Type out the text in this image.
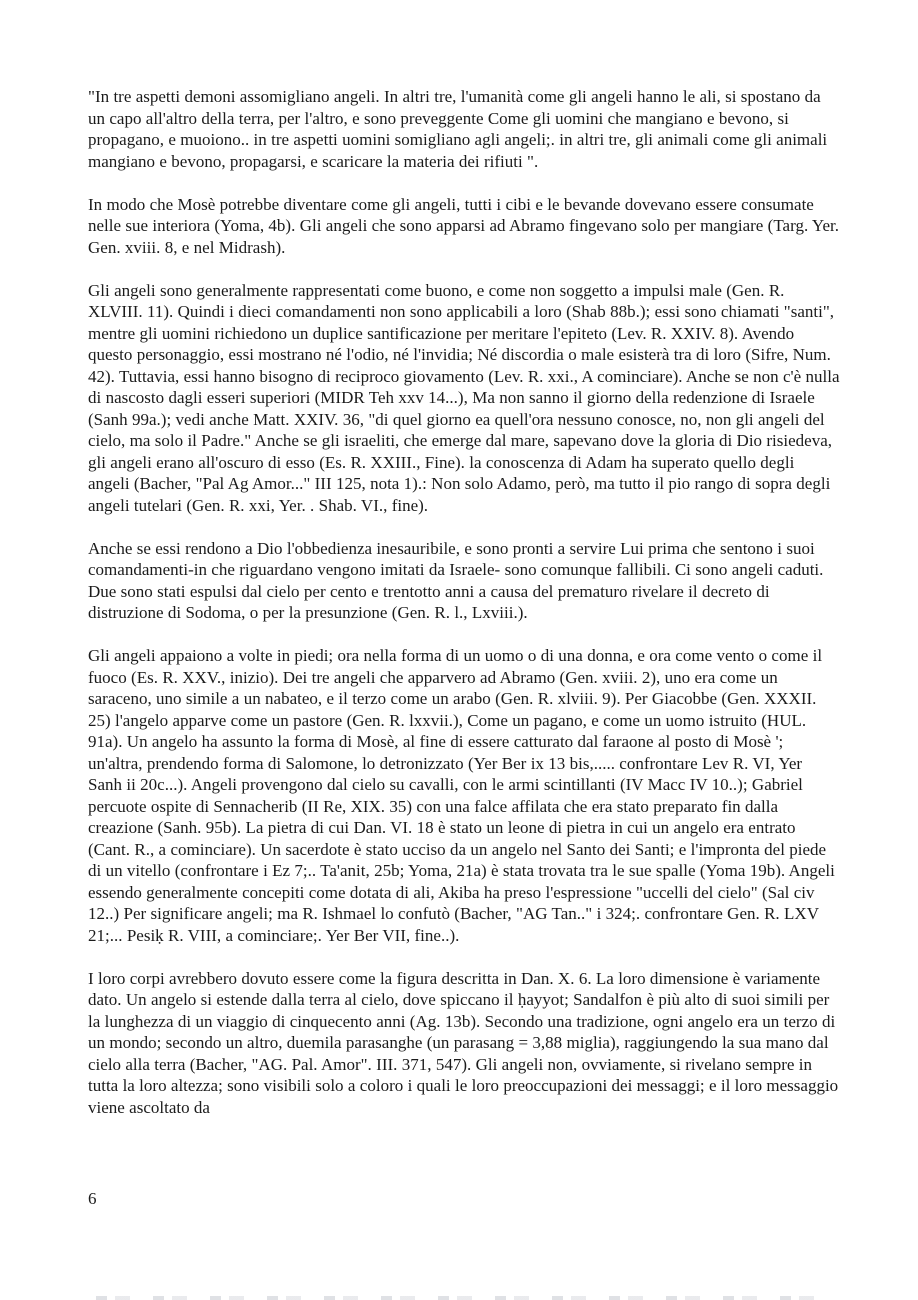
"In tre aspetti demoni assomigliano angeli. In altri tre, l'umanità come gli angeli hanno le ali, si spostano da un capo all'altro della terra, per l'altro, e sono preveggente Come gli uomini che mangiano e bevono, si propagano, e muoiono.. in tre aspetti uomini somigliano agli angeli;. in altri tre, gli animali come gli animali mangiano e bevono, propagarsi, e scaricare la materia dei rifiuti ".

In modo che Mosè potrebbe diventare come gli angeli, tutti i cibi e le bevande dovevano essere consumate nelle sue interiora (Yoma, 4b). Gli angeli che sono apparsi ad Abramo fingevano solo per mangiare (Targ. Yer. Gen. xviii. 8, e nel Midrash).

Gli angeli sono generalmente rappresentati come buono, e come non soggetto a impulsi male (Gen. R. XLVIII. 11). Quindi i dieci comandamenti non sono applicabili a loro (Shab 88b.); essi sono chiamati "santi", mentre gli uomini richiedono un duplice santificazione per meritare l'epiteto (Lev. R. XXIV. 8). Avendo questo personaggio, essi mostrano né l'odio, né l'invidia; Né discordia o male esisterà tra di loro (Sifre, Num. 42). Tuttavia, essi hanno bisogno di reciproco giovamento (Lev. R. xxi., A cominciare). Anche se non c'è nulla di nascosto dagli esseri superiori (MIDR Teh xxv 14...), Ma non sanno il giorno della redenzione di Israele (Sanh 99a.); vedi anche Matt. XXIV. 36, "di quel giorno ea quell'ora nessuno conosce, no, non gli angeli del cielo, ma solo il Padre." Anche se gli israeliti, che emerge dal mare, sapevano dove la gloria di Dio risiedeva, gli angeli erano all'oscuro di esso (Es. R. XXIII., Fine). la conoscenza di Adam ha superato quello degli angeli (Bacher, "Pal Ag Amor..." III 125, nota 1).: Non solo Adamo, però, ma tutto il pio rango di sopra degli angeli tutelari (Gen. R. xxi, Yer. . Shab. VI., fine).

Anche se essi rendono a Dio l'obbedienza inesauribile, e sono pronti a servire Lui prima che sentono i suoi comandamenti-in che riguardano vengono imitati da Israele- sono comunque fallibili. Ci sono angeli caduti. Due sono stati espulsi dal cielo per cento e trentotto anni a causa del prematuro rivelare il decreto di distruzione di Sodoma, o per la presunzione (Gen. R. l., Lxviii.).

Gli angeli appaiono a volte in piedi; ora nella forma di un uomo o di una donna, e ora come vento o come il fuoco (Es. R. XXV., inizio). Dei tre angeli che apparvero ad Abramo (Gen. xviii. 2), uno era come un saraceno, uno simile a un nabateo, e il terzo come un arabo (Gen. R. xlviii. 9). Per Giacobbe (Gen. XXXII. 25) l'angelo apparve come un pastore (Gen. R. lxxvii.), Come un pagano, e come un uomo istruito (HUL. 91a). Un angelo ha assunto la forma di Mosè, al fine di essere catturato dal faraone al posto di Mosè '; un'altra, prendendo forma di Salomone, lo detronizzato (Yer Ber ix 13 bis,..... confrontare Lev R. VI, Yer Sanh ii 20c...). Angeli provengono dal cielo su cavalli, con le armi scintillanti (IV Macc IV 10..); Gabriel percuote ospite di Sennacherib (II Re, XIX. 35) con una falce affilata che era stato preparato fin dalla creazione (Sanh. 95b). La pietra di cui Dan. VI. 18 è stato un leone di pietra in cui un angelo era entrato (Cant. R., a cominciare). Un sacerdote è stato ucciso da un angelo nel Santo dei Santi; e l'impronta del piede di un vitello (confrontare i Ez 7;.. Ta'anit, 25b; Yoma, 21a) è stata trovata tra le sue spalle (Yoma 19b). Angeli essendo generalmente concepiti come dotata di ali, Akiba ha preso l'espressione "uccelli del cielo" (Sal civ 12..) Per significare angeli; ma R. Ishmael lo confutò (Bacher, "AG Tan.." i 324;. confrontare Gen. R. LXV 21;... Pesiḳ R. VIII, a cominciare;. Yer Ber VII, fine..).

I loro corpi avrebbero dovuto essere come la figura descritta in Dan. X. 6. La loro dimensione è variamente dato. Un angelo si estende dalla terra al cielo, dove spiccano il ḥayyot; Sandalfon è più alto di suoi simili per la lunghezza di un viaggio di cinquecento anni (Ag. 13b). Secondo una tradizione, ogni angelo era un terzo di un mondo; secondo un altro, duemila parasanghe (un parasang = 3,88 miglia), raggiungendo la sua mano dal cielo alla terra (Bacher, "AG. Pal. Amor". III. 371, 547). Gli angeli non, ovviamente, si rivelano sempre in tutta la loro altezza; sono visibili solo a coloro i quali le loro preoccupazioni dei messaggi; e il loro messaggio viene ascoltato da

6
